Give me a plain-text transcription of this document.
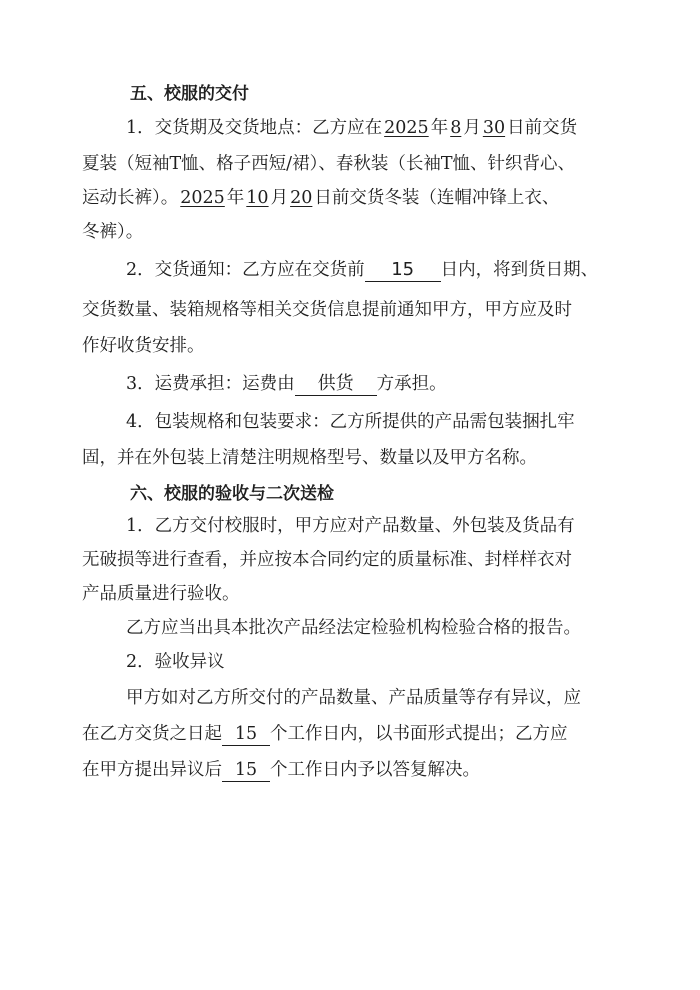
五、校服的交付
1．交货期及交货地点：乙方应在 2025 年 8 月 30 日前交货
夏装（短袖T恤、格子西短/裙）、春秋装（长袖T恤、针织背心、
运动长裤）。 2025 年 10 月 20 日前交货冬装（连帽冲锋上衣、
冬裤）。
2．交货通知：乙方应在交货前 15 日内，将到货日期、
交货数量、装箱规格等相关交货信息提前通知甲方，甲方应及时
作好收货安排。
3．运费承担：运费由 供货 方承担。
4．包装规格和包装要求：乙方所提供的产品需包装捆扎牢
固，并在外包装上清楚注明规格型号、数量以及甲方名称。
六、校服的验收与二次送检
1．乙方交付校服时，甲方应对产品数量、外包装及货品有
无破损等进行查看，并应按本合同约定的质量标准、封样样衣对
产品质量进行验收。
乙方应当出具本批次产品经法定检验机构检验合格的报告。
2．验收异议
甲方如对乙方所交付的产品数量、产品质量等存有异议，应
在乙方交货之日起 15 个工作日内，以书面形式提出；乙方应
在甲方提出异议后 15 个工作日内予以答复解决。
